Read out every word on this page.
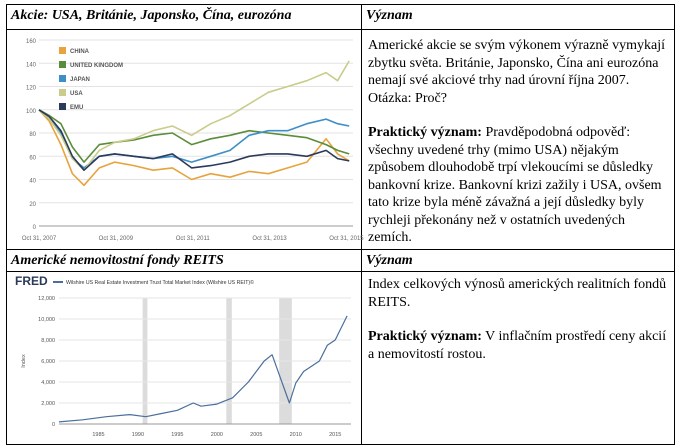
Akcie: USA, Británie, Japonsko, Čína, eurozóna	Význam
0
20
40
60
80
100
120
140
160
Oct 31, 2007	Oct 31, 2009	Oct 31, 2011	Oct 31, 2013	Oct 31, 2015
CHINA
UNITED KINGDOM
JAPAN
USA
EMU

Americké akcie se svým výkonem výrazně vymykají zbytku světa. Británie, Japonsko, Čína ani eurozóna nemají své akciové trhy nad úrovní října 2007. Otázka: Proč?

Praktický význam: Pravděpodobná odpověď: všechny uvedené trhy (mimo USA) nějakým způsobem dlouhodobě trpí vlekoucími se důsledky bankovní krize. Bankovní krizi zažily i USA, ovšem tato krize byla méně závažná a její důsledky byly rychleji překonány než v ostatních uvedených zemích.

Americké nemovitostní fondy REITS	Význam
FRED	Wilshire US Real Estate Investment Trust Total Market Index (Wilshire US REIT)©
0
2,000
4,000
6,000
8,000
10,000
12,000
Index
1985	1990	1995	2000	2005	2010	2015

Index celkových výnosů amerických realitních fondů REITS.

Praktický význam: V inflačním prostředí ceny akcií a nemovitostí rostou.
